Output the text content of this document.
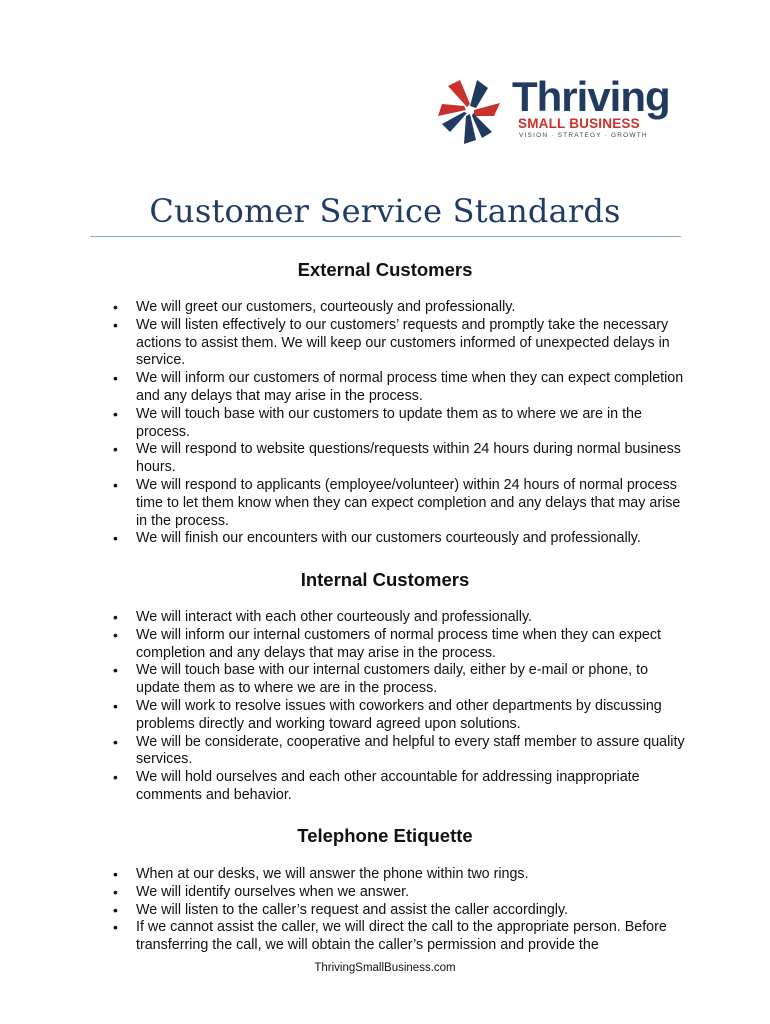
Thriving
SMALL BUSINESS
VISION · STRATEGY · GROWTH
Customer Service Standards
External Customers
• We will greet our customers, courteously and professionally.
• We will listen effectively to our customers’ requests and promptly take the necessary actions to assist them. We will keep our customers informed of unexpected delays in service.
• We will inform our customers of normal process time when they can expect completion and any delays that may arise in the process.
• We will touch base with our customers to update them as to where we are in the process.
• We will respond to website questions/requests within 24 hours during normal business hours.
• We will respond to applicants (employee/volunteer) within 24 hours of normal process time to let them know when they can expect completion and any delays that may arise in the process.
• We will finish our encounters with our customers courteously and professionally.
Internal Customers
• We will interact with each other courteously and professionally.
• We will inform our internal customers of normal process time when they can expect completion and any delays that may arise in the process.
• We will touch base with our internal customers daily, either by e-mail or phone, to update them as to where we are in the process.
• We will work to resolve issues with coworkers and other departments by discussing problems directly and working toward agreed upon solutions.
• We will be considerate, cooperative and helpful to every staff member to assure quality services.
• We will hold ourselves and each other accountable for addressing inappropriate comments and behavior.
Telephone Etiquette
• When at our desks, we will answer the phone within two rings.
• We will identify ourselves when we answer.
• We will listen to the caller’s request and assist the caller accordingly.
• If we cannot assist the caller, we will direct the call to the appropriate person. Before transferring the call, we will obtain the caller’s permission and provide the
ThrivingSmallBusiness.com
